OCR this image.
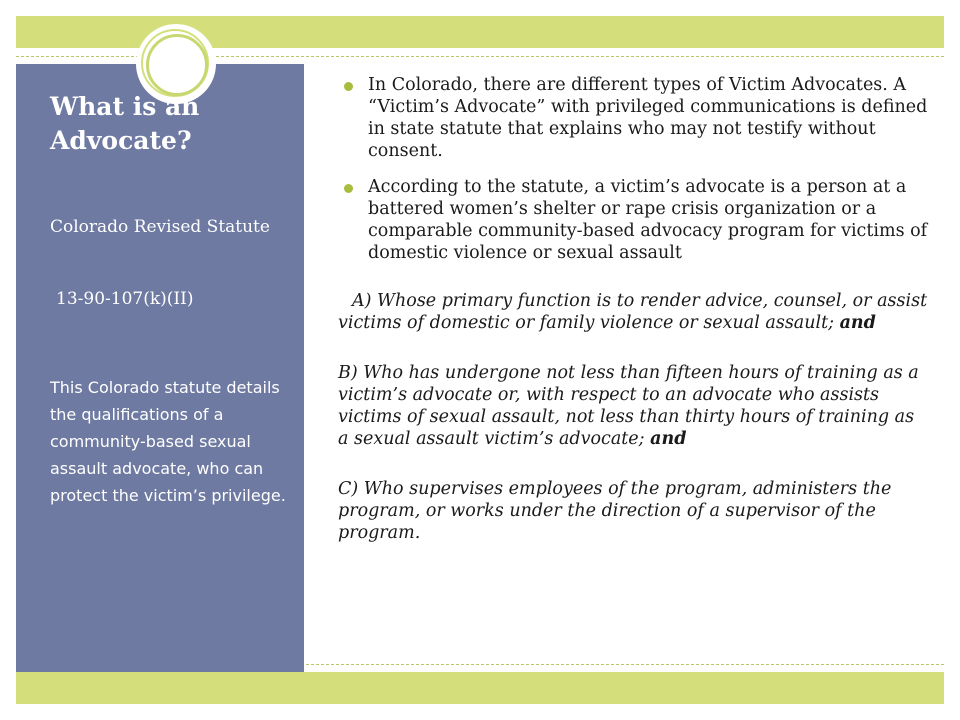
What is an Advocate?
Colorado Revised Statute
13-90-107(k)(II)
This Colorado statute details the qualifications of a community-based sexual assault advocate, who can protect the victim’s privilege.
In Colorado, there are different types of Victim Advocates. A “Victim’s Advocate” with privileged communications is defined in state statute that explains who may not testify without consent.
According to the statute, a victim’s advocate is a person at a battered women’s shelter or rape crisis organization or a comparable community-based advocacy program for victims of domestic violence or sexual assault
A) Whose primary function is to render advice, counsel, or assist victims of domestic or family violence or sexual assault; and
B) Who has undergone not less than fifteen hours of training as a victim’s advocate or, with respect to an advocate who assists victims of sexual assault, not less than thirty hours of training as a sexual assault victim’s advocate; and
C) Who supervises employees of the program, administers the program, or works under the direction of a supervisor of the program.
